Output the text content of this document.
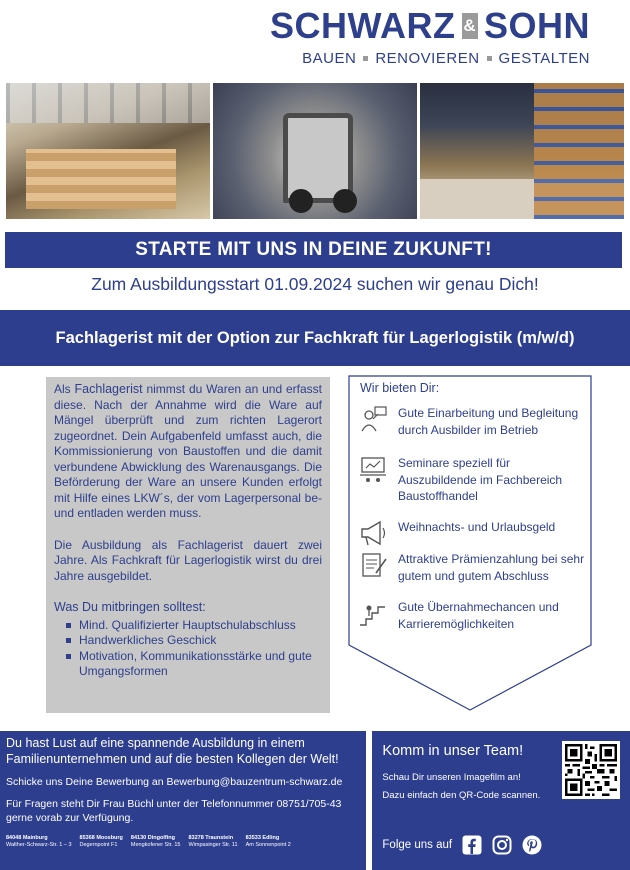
SCHWARZ & SOHN
BAUEN RENOVIEREN GESTALTEN
STARTE MIT UNS IN DEINE ZUKUNFT!
Zum Ausbildungsstart 01.09.2024 suchen wir genau Dich!
Fachlagerist mit der Option zur Fachkraft für Lagerlogistik (m/w/d)

Als Fachlagerist nimmst du Waren an und erfasst diese. Nach der Annahme wird die Ware auf Mängel überprüft und zum richten Lagerort zugeordnet. Dein Aufgabenfeld umfasst auch, die Kommissionierung von Baustoffen und die damit verbundene Abwicklung des Warenausgangs. Die Beförderung der Ware an unsere Kunden erfolgt mit Hilfe eines LKW´s, der vom Lagerpersonal be- und entladen werden muss.

Die Ausbildung als Fachlagerist dauert zwei Jahre. Als Fachkraft für Lagerlogistik wirst du drei Jahre ausgebildet.

Was Du mitbringen solltest:
Mind. Qualifizierter Hauptschulabschluss
Handwerkliches Geschick
Motivation, Kommunikationsstärke und gute Umgangsformen
Wir bieten Dir:
Gute Einarbeitung und Begleitung durch Ausbilder im Betrieb
Seminare speziell für Auszubildende im Fachbereich Baustoffhandel
Weihnachts- und Urlaubsgeld
Attraktive Prämienzahlung bei sehr gutem und gutem Abschluss
Gute Übernahmechancen und Karrieremöglichkeiten
Du hast Lust auf eine spannende Ausbildung in einem Familienunternehmen und auf die besten Kollegen der Welt!
Schicke uns Deine Bewerbung an Bewerbung@bauzentrum-schwarz.de
Für Fragen steht Dir Frau Büchl unter der Telefonnummer 08751/705-43 gerne vorab zur Verfügung.
84048 Mainburg
Walther-Schwarz-Str. 1 – 3
85368 Moosburg
Degernpoint F1
84130 Dingolfing
Mengkofener Str. 15
83278 Traunstein
Wimpasinger Str. 11
83533 Edling
Am Sonnenpoint 2
Komm in unser Team!
Schau Dir unseren Imagefilm an!
Dazu einfach den QR-Code scannen.
Folge uns auf
